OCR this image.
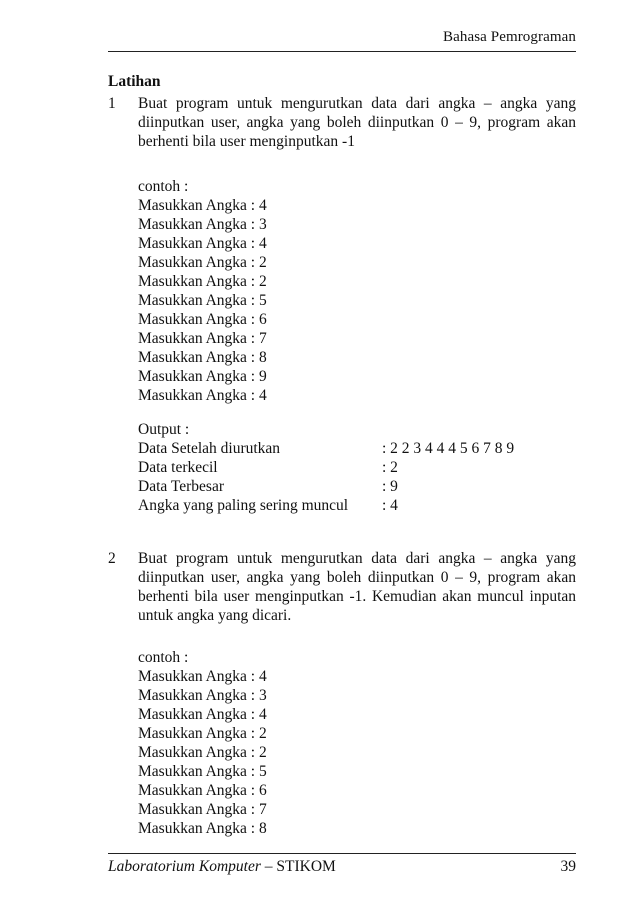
Bahasa Pemrograman
Latihan
1 Buat program untuk mengurutkan data dari angka – angka yang diinputkan user, angka yang boleh diinputkan 0 – 9, program akan berhenti bila user menginputkan -1

contoh :
Masukkan Angka : 4
Masukkan Angka : 3
Masukkan Angka : 4
Masukkan Angka : 2
Masukkan Angka : 2
Masukkan Angka : 5
Masukkan Angka : 6
Masukkan Angka : 7
Masukkan Angka : 8
Masukkan Angka : 9
Masukkan Angka : 4
Output :
Data Setelah diurutkan	: 2 2 3 4 4 4 5 6 7 8 9
Data terkecil	: 2
Data Terbesar	: 9
Angka yang paling sering muncul	: 4
2 Buat program untuk mengurutkan data dari angka – angka yang diinputkan user, angka yang boleh diinputkan 0 – 9, program akan berhenti bila user menginputkan -1. Kemudian akan muncul inputan untuk angka yang dicari.

contoh :
Masukkan Angka : 4
Masukkan Angka : 3
Masukkan Angka : 4
Masukkan Angka : 2
Masukkan Angka : 2
Masukkan Angka : 5
Masukkan Angka : 6
Masukkan Angka : 7
Masukkan Angka : 8
Laboratorium Komputer – STIKOM	39
